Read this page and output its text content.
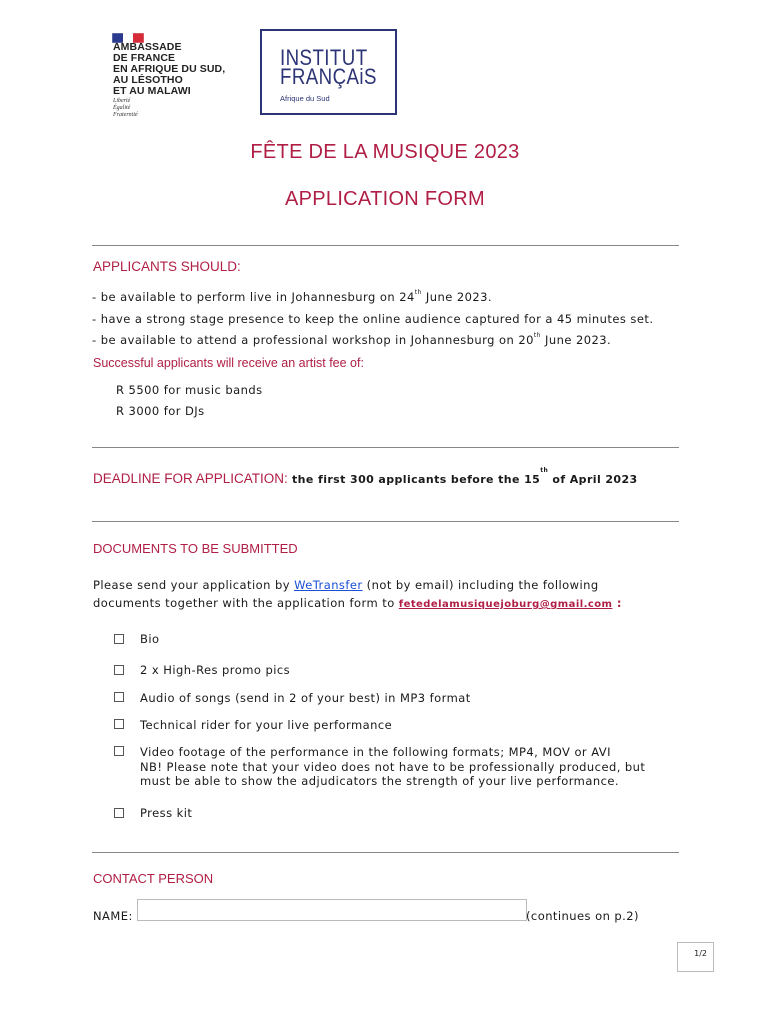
AMBASSADE
DE FRANCE
EN AFRIQUE DU SUD,
AU LÉSOTHO
ET AU MALAWI
Liberté
Égalité
Fraternité
INSTITUT
FRANÇAiS
Afrique du Sud
FÊTE DE LA MUSIQUE 2023
APPLICATION FORM
APPLICANTS SHOULD:
- be available to perform live in Johannesburg on 24th June 2023.
- have a strong stage presence to keep the online audience captured for a 45 minutes set.
- be available to attend a professional workshop in Johannesburg on 20th June 2023.
Successful applicants will receive an artist fee of:
R 5500 for music bands
R 3000 for DJs
DEADLINE FOR APPLICATION: the first 300 applicants before the 15th of April 2023
DOCUMENTS TO BE SUBMITTED
Please send your application by WeTransfer (not by email) including the following
documents together with the application form to fetedelamusiquejoburg@gmail.com :
Bio
2 x High-Res promo pics
Audio of songs (send in 2 of your best) in MP3 format
Technical rider for your live performance
Video footage of the performance in the following formats; MP4, MOV or AVI
NB! Please note that your video does not have to be professionally produced, but
must be able to show the adjudicators the strength of your live performance.
Press kit
CONTACT PERSON
NAME:	(continues on p.2)
1/2
